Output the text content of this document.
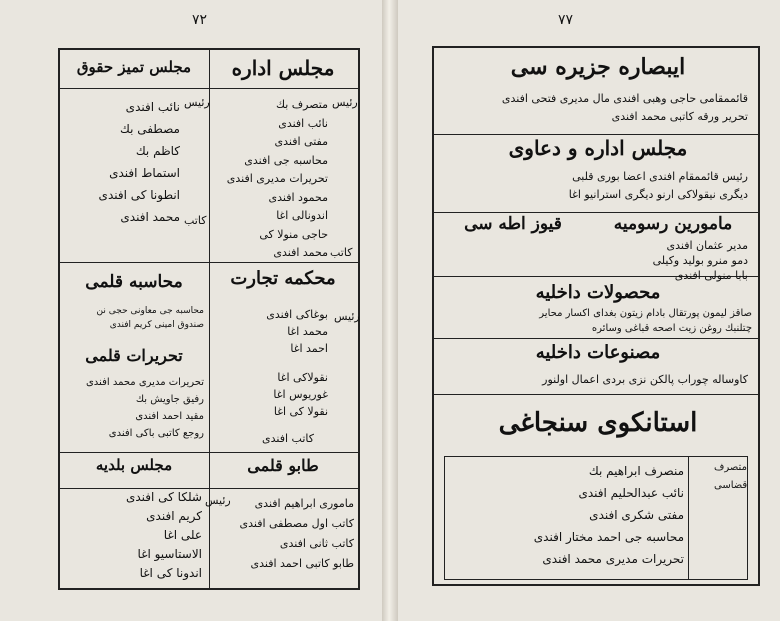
٧٢
مجلس اداره
رئيس
متصرف بك
نائب افندى
مفتى افندى
محاسبه جى افندى
تحريرات مديرى افندى
محمود افندى
اندونالى اغا
حاجى منولا كى
محمد افندى كاتب
مجلس تميز حقوق
رئيس
نائب افندى
مصطفى بك
كاظم بك
استماط افندى
انطونا كى افندى
محمد افندى كاتب
محكمه تجارت
رئيس
بوغاكى افندى
محمد اغا
احمد اغا
نقولاكى اغا
غوريوس اغا
نقولا كى اغا
كاتب افندى
محاسبه قلمى
محاسبه جى معاونى حجى نن
صندوق امينى كريم افندى
تحريرات قلمى
تحريرات مديرى محمد افندى
رفيق جاويش بك
مقيد احمد افندى
روجع كاتبى باكى افندى
مجلس بلديه
شلكا كى افندى
كريم افندى
على اغا
الاستاسيو اغا
اندونا كى اغا
طابو قلمى
رئيس	مامورى ابراهيم افندى
كاتب اول مصطفى افندى
كاتب ثانى افندى
طابو كاتبى احمد افندى
٧٧
ايبصاره جزيره سى
قائممقامى حاجى وهبى افندى مال مديرى فتحى افندى
تحرير ورقه كاتبى محمد افندى
مجلس اداره و دعاوى
رئيس قائممقام افندى اعضا بورى قلبى
ديگرى نيقولاكى ارنو ديگرى استرانيو اغا
مامورين رسوميه
قيوز اطه سى
مدير عثمان افندى
دمو منرو بوليد وكيلى
بابا منولى افندى
محصولات داخليه
صاقز ليمون پورتقال بادام زيتون بغداى اكسار محاير
چتلنبك روغن زيت اصحه قباغى وسائره
مصنوعات داخليه
كاوساله چوراب پالكن نزى بردى اعمال اولنور
استانكوى سنجاغى
متصرف
قضاسى
منصرف ابراهيم بك
نائب عبدالحليم افندى
مفتى شكرى افندى
محاسبه جى احمد مختار افندى
تحريرات مديرى محمد افندى
